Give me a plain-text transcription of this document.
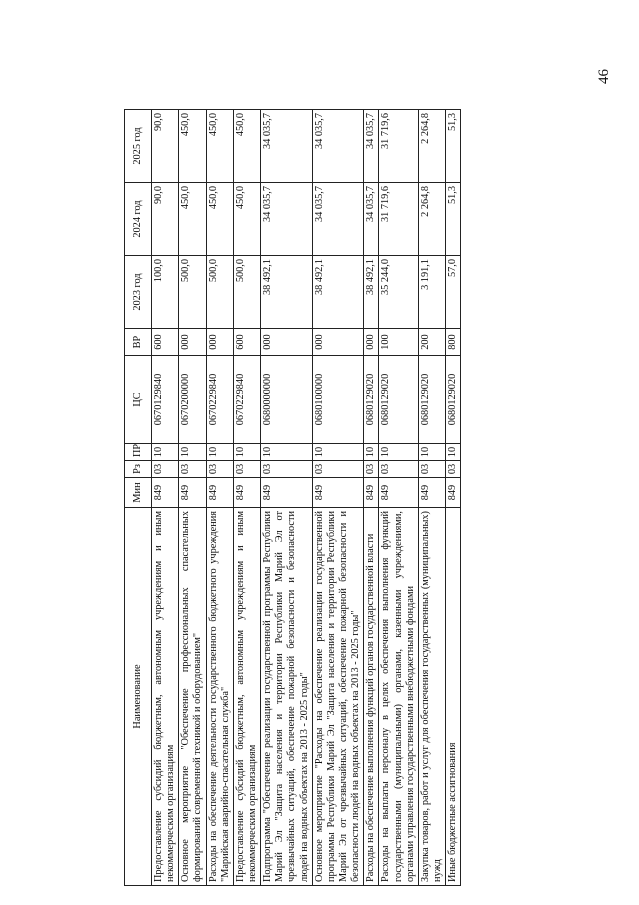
46
Наименование	Мин	Рз	ПР	ЦС	ВР	2023 год	2024 год	2025 год
Предоставление субсидий бюджетным, автономным учреждениям и иным некоммерческим организациям	849	03	10	0670129840	600	100,0	90,0	90,0
Основное мероприятие "Обеспечение профессиональных спасательных формирований современной техникой и оборудованием"	849	03	10	0670200000	000	500,0	450,0	450,0
Расходы на обеспечение деятельности государственного бюджетного учреждения "Марийская аварийно-спасательная служба"	849	03	10	0670229840	000	500,0	450,0	450,0
Предоставление субсидий бюджетным, автономным учреждениям и иным некоммерческим организациям	849	03	10	0670229840	600	500,0	450,0	450,0
Подпрограмма "Обеспечение реализации государственной программы Республики Марий Эл "Защита населения и территории Республики Марий Эл от чрезвычайных ситуаций, обеспечение пожарной безопасности и безопасности людей на водных объектах на 2013 - 2025 годы"	849	03	10	0680000000	000	38 492,1	34 035,7	34 035,7
Основное мероприятие "Расходы на обеспечение реализации государственной программы Республики Марий Эл "Защита населения и территории Республики Марий Эл от чрезвычайных ситуаций, обеспечение пожарной безопасности и безопасности людей на водных объектах на 2013 - 2025 годы"	849	03	10	0680100000	000	38 492,1	34 035,7	34 035,7
Расходы на обеспечение выполнения функций органов государственной власти	849	03	10	0680129020	000	38 492,1	34 035,7	34 035,7
Расходы на выплаты персоналу в целях обеспечения выполнения функций государственными (муниципальными) органами, казенными учреждениями, органами управления государственными внебюджетными фондами	849	03	10	0680129020	100	35 244,0	31 719,6	31 719,6
Закупка товаров, работ и услуг для обеспечения государственных (муниципальных) нужд	849	03	10	0680129020	200	3 191,1	2 264,8	2 264,8
Иные бюджетные ассигнования	849	03	10	0680129020	800	57,0	51,3	51,3
